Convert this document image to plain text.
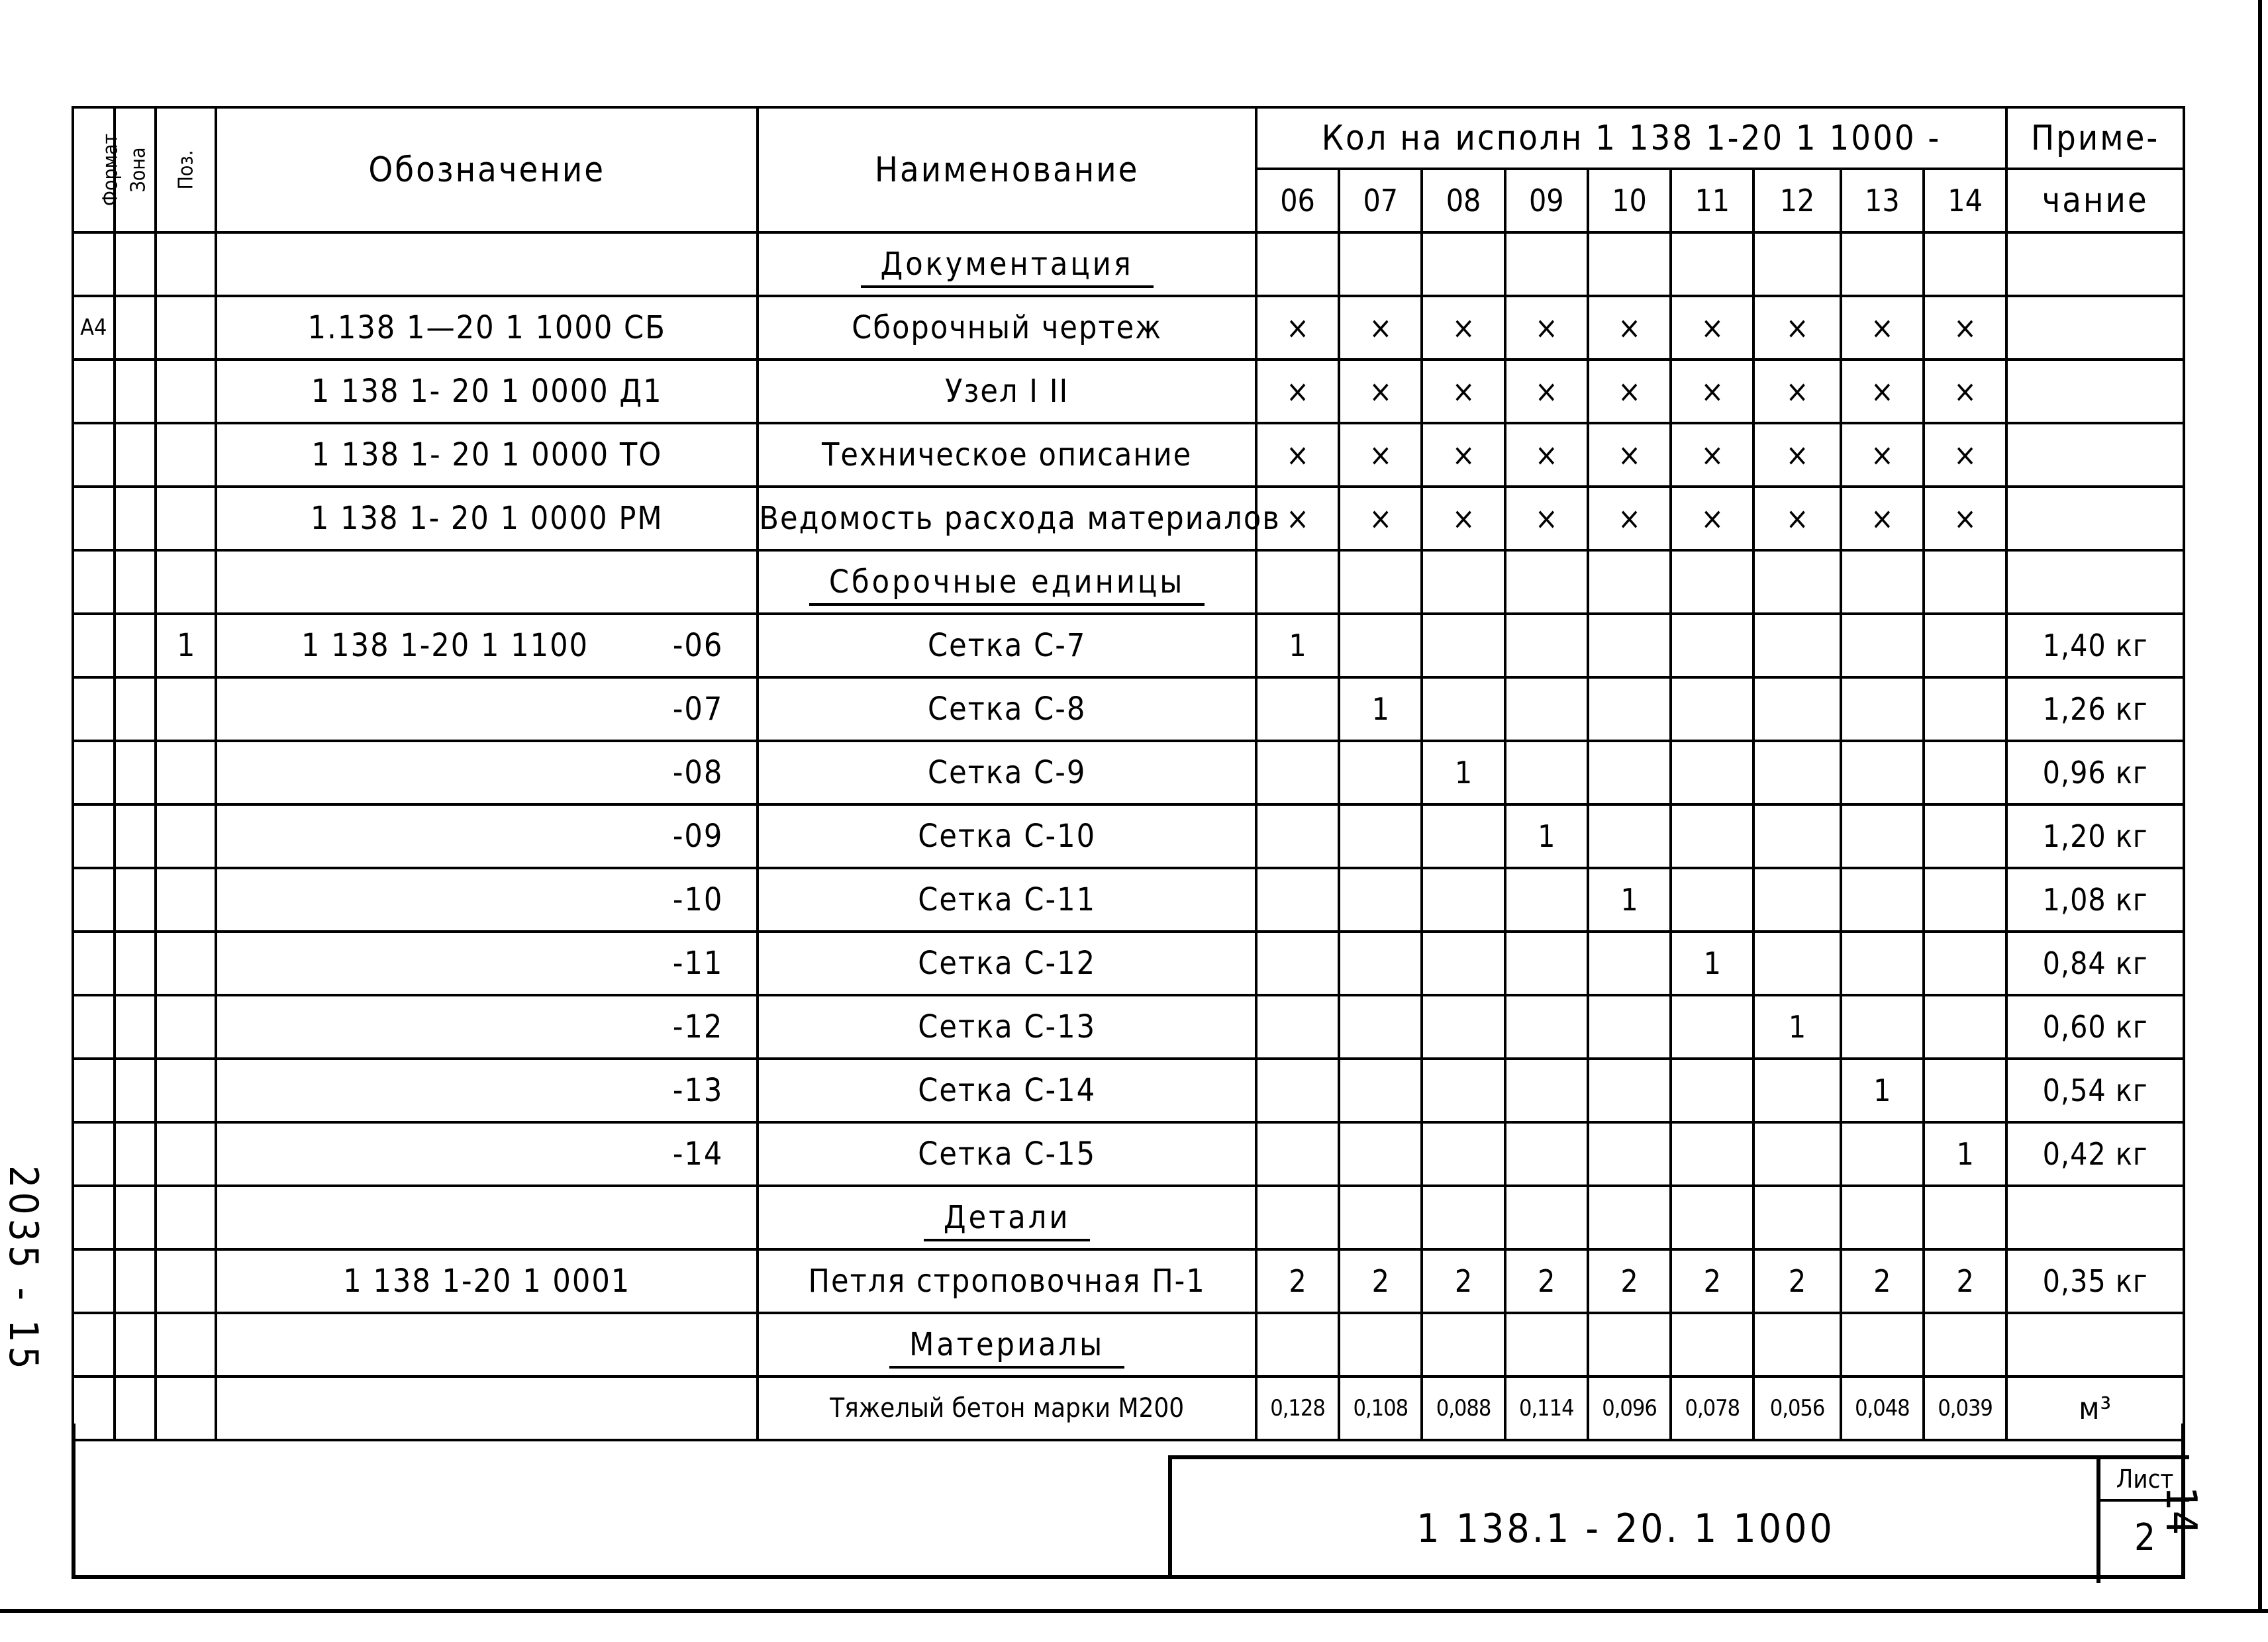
Формат	Зона	Поз.	Обозначение	Наименование	Кол на исполн 1 138 1-20 1 1000 -									Приме-
					06	07	08	09	10	11	12	13	14	чание
				Документация										
А4			1.138 1—20 1 1000 СБ	Сборочный чертеж	×	×	×	×	×	×	×	×	×	
			1 138 1- 20 1 0000 Д1	Узел I II	×	×	×	×	×	×	×	×	×	
			1 138 1- 20 1 0000 ТО	Техническое описание	×	×	×	×	×	×	×	×	×	
			1 138 1- 20 1 0000 РМ	Ведомость расхода материалов	×	×	×	×	×	×	×	×	×	
				Сборочные единицы										
		1	1 138 1-20 1 1100 -06	Сетка С-7	1									1,40 кг

			-07	Сетка С-8		1								1,26 кг

			-08	Сетка С-9			1							0,96 кг

			-09	Сетка С-10				1						1,20 кг

			-10	Сетка С-11					1					1,08 кг

			-11	Сетка С-12						1				0,84 кг

			-12	Сетка С-13							1			0,60 кг

			-13	Сетка С-14								1		0,54 кг

			-14	Сетка С-15									1	0,42 кг
				Детали										
			1 138 1-20 1 0001	Петля строповочная П-1	2	2	2	2	2	2	2	2	2	0,35 кг
				Материалы										
				Тяжелый бетон марки М200	0,128	0,108	0,088	0,114	0,096	0,078	0,056	0,048	0,039	м³
1 138.1 - 20. 1 1000
Лист
2
14
2035 - 15
